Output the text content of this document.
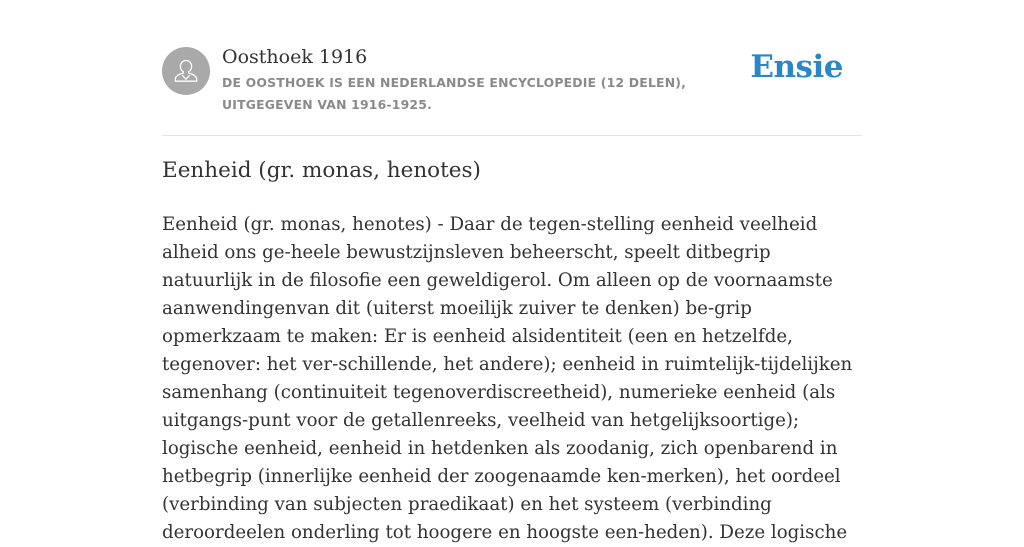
Oosthoek 1916
DE OOSTHOEK IS EEN NEDERLANDSE ENCYCLOPEDIE (12 DELEN), UITGEGEVEN VAN 1916-1925.
Ensie
Eenheid (gr. monas, henotes)

Eenheid (gr. monas, henotes) - Daar de tegen-stelling eenheid veelheid alheid ons ge-heele bewustzijnsleven beheerscht, speelt ditbegrip natuurlijk in de filosofie een geweldigerol. Om alleen op de voornaamste aanwendingenvan dit (uiterst moeilijk zuiver te denken) be-grip opmerkzaam te maken: Er is eenheid alsidentiteit (een en hetzelfde, tegenover: het ver-schillende, het andere); eenheid in ruimtelijk-tijdelijken samenhang (continuiteit tegenoverdiscreetheid), numerieke eenheid (als uitgangs-punt voor de getallenreeks, veelheid van hetgelijksoortige); logische eenheid, eenheid in hetdenken als zoodanig, zich openbarend in hetbegrip (innerlijke eenheid der zoogenaamde ken-merken), het oordeel (verbinding van subjecten praedikaat) en het systeem (verbinding deroordeelen onderling tot hoogere en hoogste een-heden). Deze logische
